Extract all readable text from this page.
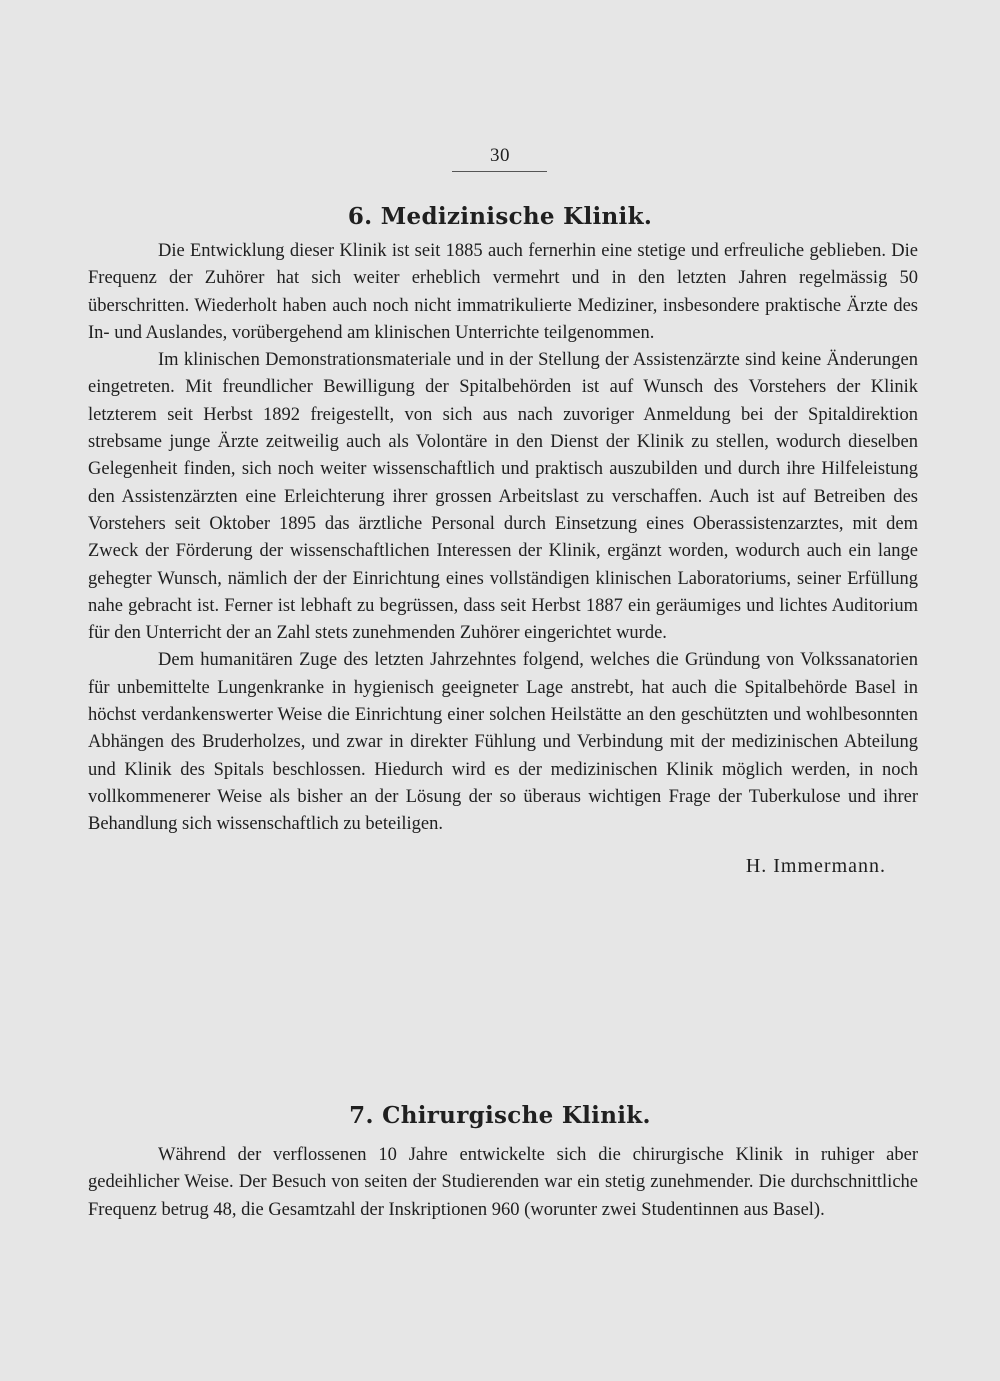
30
6. Medizinische Klinik.

Die Entwicklung dieser Klinik ist seit 1885 auch fernerhin eine stetige und erfreuliche geblieben. Die Frequenz der Zuhörer hat sich weiter erheblich vermehrt und in den letzten Jahren regelmässig 50 überschritten. Wiederholt haben auch noch nicht immatrikulierte Mediziner, insbesondere praktische Ärzte des In- und Auslandes, vorübergehend am klinischen Unterrichte teilgenommen.

Im klinischen Demonstrationsmateriale und in der Stellung der Assistenzärzte sind keine Änderungen eingetreten. Mit freundlicher Bewilligung der Spitalbehörden ist auf Wunsch des Vorstehers der Klinik letzterem seit Herbst 1892 freigestellt, von sich aus nach zuvoriger Anmeldung bei der Spitaldirektion strebsame junge Ärzte zeitweilig auch als Volontäre in den Dienst der Klinik zu stellen, wodurch dieselben Gelegenheit finden, sich noch weiter wissenschaftlich und praktisch auszubilden und durch ihre Hilfeleistung den Assistenzärzten eine Erleichterung ihrer grossen Arbeitslast zu verschaffen. Auch ist auf Betreiben des Vorstehers seit Oktober 1895 das ärztliche Personal durch Einsetzung eines Oberassistenzarztes, mit dem Zweck der Förderung der wissenschaftlichen Interessen der Klinik, ergänzt worden, wodurch auch ein lange gehegter Wunsch, nämlich der der Einrichtung eines vollständigen klinischen Laboratoriums, seiner Erfüllung nahe gebracht ist. Ferner ist lebhaft zu begrüssen, dass seit Herbst 1887 ein geräumiges und lichtes Auditorium für den Unterricht der an Zahl stets zunehmenden Zuhörer eingerichtet wurde.

Dem humanitären Zuge des letzten Jahrzehntes folgend, welches die Gründung von Volkssanatorien für unbemittelte Lungenkranke in hygienisch geeigneter Lage anstrebt, hat auch die Spitalbehörde Basel in höchst verdankenswerter Weise die Einrichtung einer solchen Heilstätte an den geschützten und wohlbesonnten Abhängen des Bruderholzes, und zwar in direkter Fühlung und Verbindung mit der medizinischen Abteilung und Klinik des Spitals beschlossen. Hiedurch wird es der medizinischen Klinik möglich werden, in noch vollkommenerer Weise als bisher an der Lösung der so überaus wichtigen Frage der Tuberkulose und ihrer Behandlung sich wissenschaftlich zu beteiligen.

H. Immermann.

7. Chirurgische Klinik.

Während der verflossenen 10 Jahre entwickelte sich die chirurgische Klinik in ruhiger aber gedeihlicher Weise. Der Besuch von seiten der Studierenden war ein stetig zunehmender. Die durchschnittliche Frequenz betrug 48, die Gesamtzahl der Inskriptionen 960 (worunter zwei Studentinnen aus Basel).
